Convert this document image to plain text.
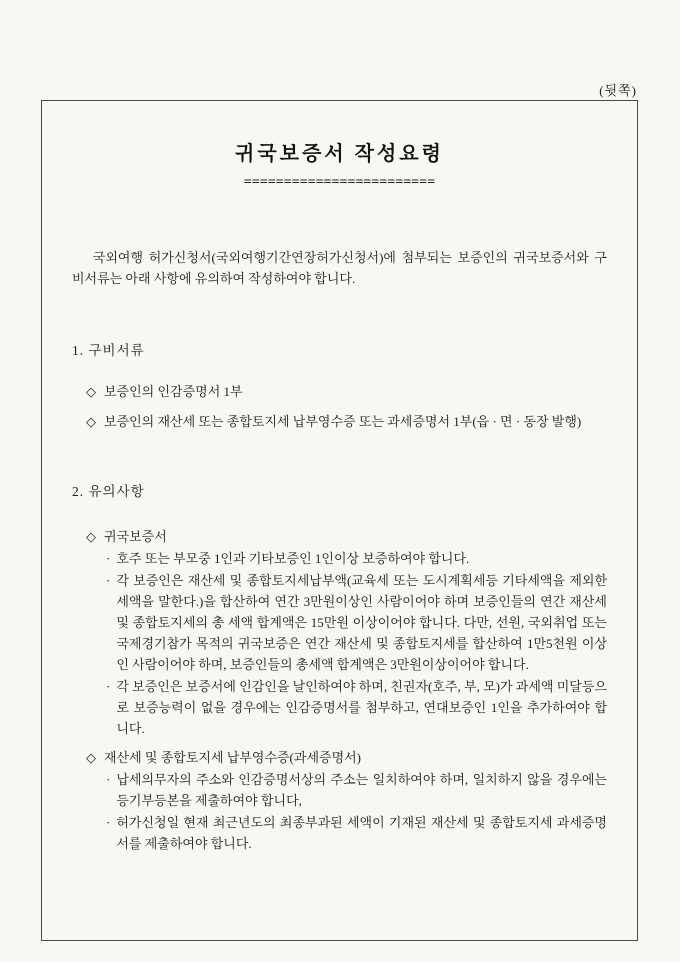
(뒷쪽)
귀국보증서 작성요령
========================

국외여행 허가신청서(국외여행기간연장허가신청서)에 첨부되는 보증인의 귀국보증서와 구비서류는 아래 사항에 유의하여 작성하여야 합니다.

1. 구비서류
◇ 보증인의 인감증명서 1부
◇ 보증인의 재산세 또는 종합토지세 납부영수증 또는 과세증명서 1부(읍 · 면 · 동장 발행)
2. 유의사항
◇ 귀국보증서
· 호주 또는 부모중 1인과 기타보증인 1인이상 보증하여야 합니다.
· 각 보증인은 재산세 및 종합토지세납부액(교육세 또는 도시계획세등 기타세액을 제외한 세액을 말한다.)을 합산하여 연간 3만원이상인 사람이어야 하며 보증인들의 연간 재산세 및 종합토지세의 총 세액 합계액은 15만원 이상이어야 합니다. 다만, 선원, 국외취업 또는 국제경기참가 목적의 귀국보증은 연간 재산세 및 종합토지세를 합산하여 1만5천원 이상인 사람이어야 하며, 보증인들의 총세액 합계액은 3만원이상이어야 합니다.
· 각 보증인은 보증서에 인감인을 날인하여야 하며, 친권자(호주, 부, 모)가 과세액 미달등으로 보증능력이 없을 경우에는 인감증명서를 첨부하고, 연대보증인 1인을 추가하여야 합니다.
◇ 재산세 및 종합토지세 납부영수증(과세증명서)
· 납세의무자의 주소와 인감증명서상의 주소는 일치하여야 하며, 일치하지 않을 경우에는 등기부등본을 제출하여야 합니다,
· 허가신청일 현재 최근년도의 최종부과된 세액이 기재된 재산세 및 종합토지세 과세증명서를 제출하여야 합니다.
